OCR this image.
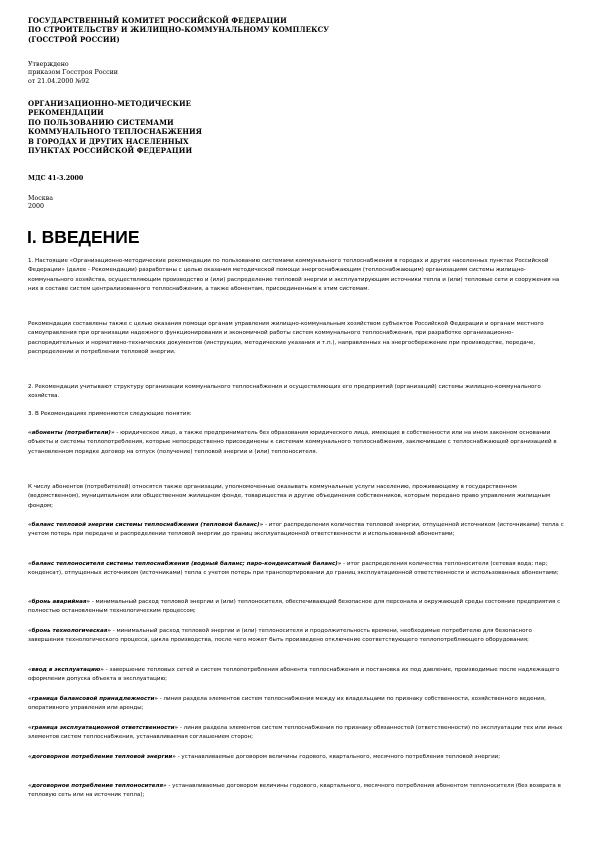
ГОСУДАРСТВЕННЫЙ КОМИТЕТ РОССИЙСКОЙ ФЕДЕРАЦИИ
ПО СТРОИТЕЛЬСТВУ И ЖИЛИЩНО-КОММУНАЛЬНОМУ КОМПЛЕКСУ
(ГОССТРОЙ РОССИИ)
Утверждено
приказом Госстроя России
от 21.04.2000 №92
ОРГАНИЗАЦИОННО-МЕТОДИЧЕСКИЕ
РЕКОМЕНДАЦИИ
ПО ПОЛЬЗОВАНИЮ СИСТЕМАМИ
КОММУНАЛЬНОГО ТЕПЛОСНАБЖЕНИЯ
В ГОРОДАХ И ДРУГИХ НАСЕЛЕННЫХ
ПУНКТАХ РОССИЙСКОЙ ФЕДЕРАЦИИ
МДС 41-3.2000
Москва
2000
I. ВВЕДЕНИЕ

1. Настоящие «Организационно-методические рекомендации по пользованию системами коммунального теплоснабжения в городах и других населенных пунктах Российской Федерации» (далее - Рекомендации) разработаны с целью оказания методической помощи энергоснабжающим (теплоснабжающим) организациям системы жилищно-коммунального хозяйства, осуществляющим производство и (или) распределение тепловой энергии и эксплуатирующим источники тепла и (или) тепловые сети и сооружения на них в составе систем централизованного теплоснабжения, а также абонентам, присоединенным к этим системам.

Рекомендации составлены также с целью оказания помощи органам управления жилищно-коммунальным хозяйством субъектов Российской Федерации и органам местного самоуправления при организации надежного функционирования и экономичной работы систем коммунального теплоснабжения, при разработке организационно-распорядительных и нормативно-технических документов (инструкции, методические указания и т.п.), направленных на энергосбережение при производстве, передаче, распределении и потреблении тепловой энергии.

2. Рекомендации учитывают структуру организации коммунального теплоснабжения и осуществляющих его предприятий (организаций) системы жилищно-коммунального хозяйства.

3. В Рекомендациях применяются следующие понятия:

«абоненты (потребители)» - юридическое лицо, а также предприниматель без образования юридического лица, имеющие в собственности или на ином законном основании объекты и системы теплопотребления, которые непосредственно присоединены к системам коммунального теплоснабжения, заключившие с теплоснабжающей организацией в установленном порядке договор на отпуск (получение) тепловой энергии и (или) теплоносителя.

К числу абонентов (потребителей) относятся также организации, уполномоченные оказывать коммунальные услуги населению, проживающему в государственном (ведомственном), муниципальном или общественном жилищном фонде, товарищества и другие объединения собственников, которым передано право управления жилищным фондом;

«баланс тепловой энергии системы теплоснабжения (тепловой баланс)» - итог распределения количества тепловой энергии, отпущенной источником (источниками) тепла с учетом потерь при передаче и распределении тепловой энергии до границ эксплуатационной ответственности и использованной абонентами;

«баланс теплоносителя системы теплоснабжения (водный баланс; паро-конденсатный баланс)» - итог распределения количества теплоносителя (сетевая вода; пар; конденсат), отпущенных источником (источниками) тепла с учетом потерь при транспортировании до границ эксплуатационной ответственности и использованных абонентами;

«бронь аварийная» - минимальный расход тепловой энергии и (или) теплоносителя, обеспечивающий безопасное для персонала и окружающей среды состояние предприятия с полностью остановленным технологическим процессом;

«бронь технологическая» - минимальный расход тепловой энергии и (или) теплоносителя и продолжительность времени, необходимые потребителю для безопасного завершения технологического процесса, цикла производства, после чего может быть произведено отключение соответствующего теплопотребляющего оборудования;

«ввод в эксплуатацию» - завершение тепловых сетей и систем теплопотребления абонента теплоснабжения и постановка их под давление, производимые после надлежащего оформления допуска объекта в эксплуатацию;

«граница балансовой принадлежности» - линия раздела элементов систем теплоснабжения между их владельцами по признаку собственности, хозяйственного ведения, оперативного управления или аренды;

«граница эксплуатационной ответственности» - линия раздела элементов систем теплоснабжения по признаку обязанностей (ответственности) по эксплуатации тех или иных элементов систем теплоснабжения, устанавливаемая соглашением сторон;

«договорное потребление тепловой энергии» - устанавливаемые договором величины годового, квартального, месячного потребления тепловой энергии;

«договорное потребление теплоносителя» - устанавливаемые договором величины годового, квартального, месячного потребления абонентом теплоносителя (без возврата в тепловую сеть или на источник тепла);
